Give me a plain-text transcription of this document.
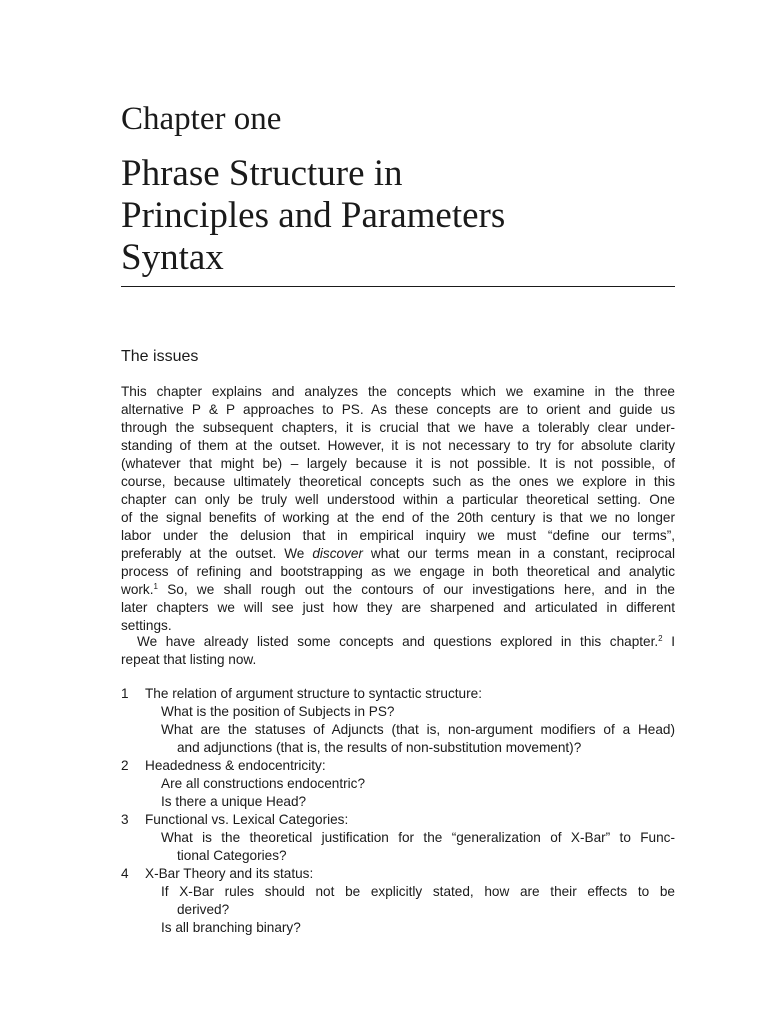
Chapter one
Phrase Structure in
Principles and Parameters
Syntax
The issues

This chapter explains and analyzes the concepts which we examine in the three
alternative P & P approaches to PS. As these concepts are to orient and guide us
through the subsequent chapters, it is crucial that we have a tolerably clear under-
standing of them at the outset. However, it is not necessary to try for absolute clarity
(whatever that might be) – largely because it is not possible. It is not possible, of
course, because ultimately theoretical concepts such as the ones we explore in this
chapter can only be truly well understood within a particular theoretical setting. One
of the signal benefits of working at the end of the 20th century is that we no longer
labor under the delusion that in empirical inquiry we must “define our terms”,
preferably at the outset. We discover what our terms mean in a constant, reciprocal
process of refining and bootstrapping as we engage in both theoretical and analytic
work.$^1$ So, we shall rough out the contours of our investigations here, and in the
later chapters we will see just how they are sharpened and articulated in different
settings.

We have already listed some concepts and questions explored in this chapter.$^2$ I
repeat that listing now.

1 The relation of argument structure to syntactic structure:
What is the position of Subjects in PS?
What are the statuses of Adjuncts (that is, non-argument modifiers of a Head)
and adjunctions (that is, the results of non-substitution movement)?
2 Headedness & endocentricity:
Are all constructions endocentric?
Is there a unique Head?
3 Functional vs. Lexical Categories:
What is the theoretical justification for the “generalization of X-Bar” to Func-
tional Categories?
4 X-Bar Theory and its status:
If X-Bar rules should not be explicitly stated, how are their effects to be
derived?
Is all branching binary?
